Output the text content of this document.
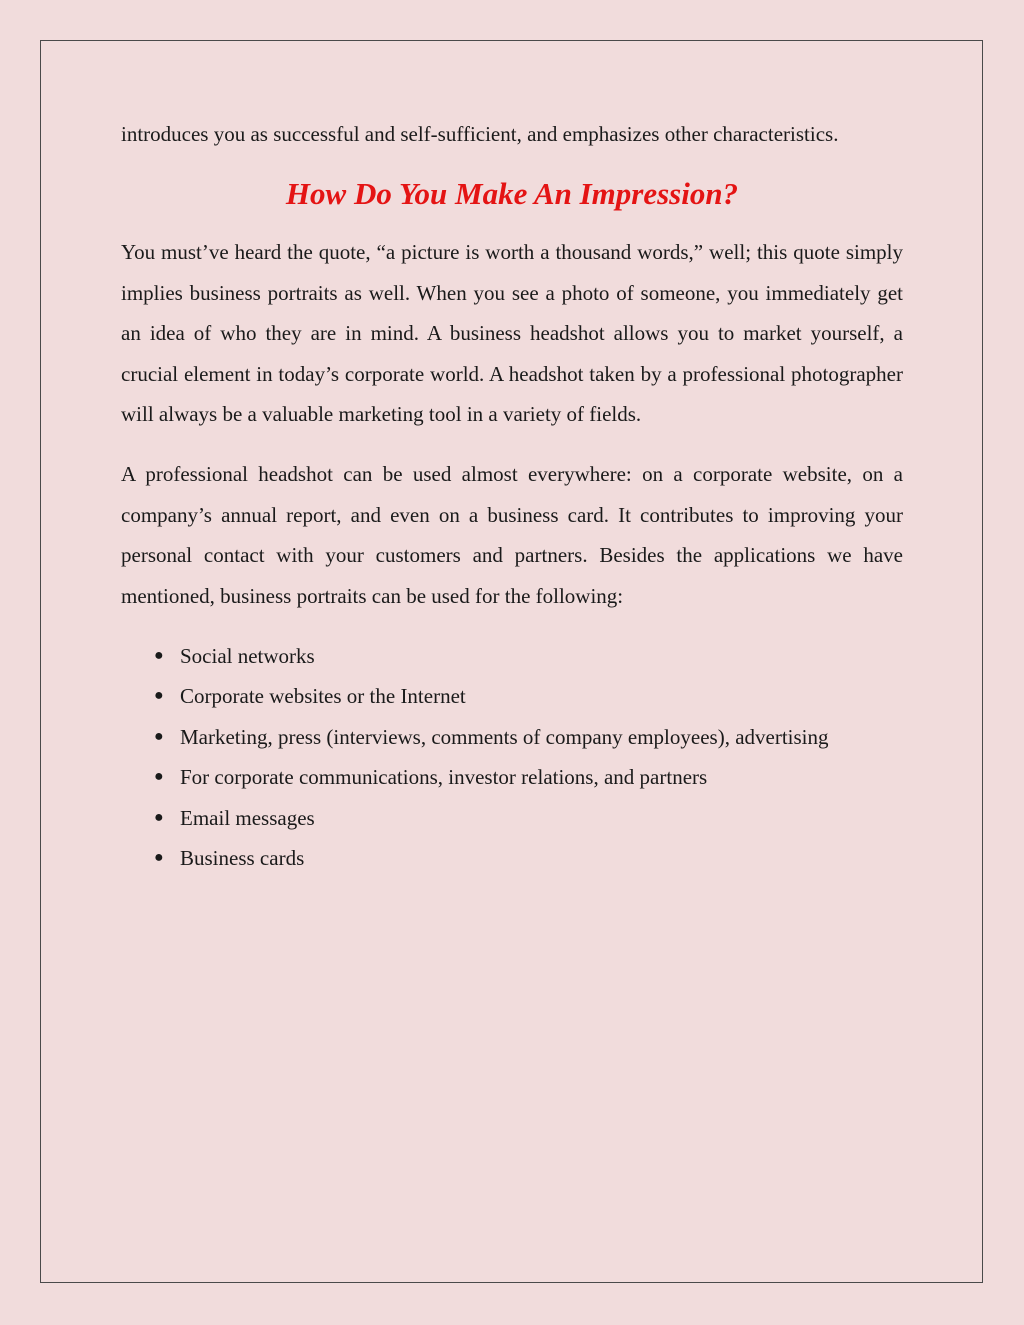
introduces you as successful and self-sufficient, and emphasizes other characteristics.

How Do You Make An Impression?

You must’ve heard the quote, “a picture is worth a thousand words,” well; this quote simply implies business portraits as well. When you see a photo of someone, you immediately get an idea of who they are in mind. A business headshot allows you to market yourself, a crucial element in today’s corporate world. A headshot taken by a professional photographer will always be a valuable marketing tool in a variety of fields.

A professional headshot can be used almost everywhere: on a corporate website, on a company’s annual report, and even on a business card. It contributes to improving your personal contact with your customers and partners. Besides the applications we have mentioned, business portraits can be used for the following:

● Social networks
● Corporate websites or the Internet
● Marketing, press (interviews, comments of company employees), advertising
● For corporate communications, investor relations, and partners
● Email messages
● Business cards
